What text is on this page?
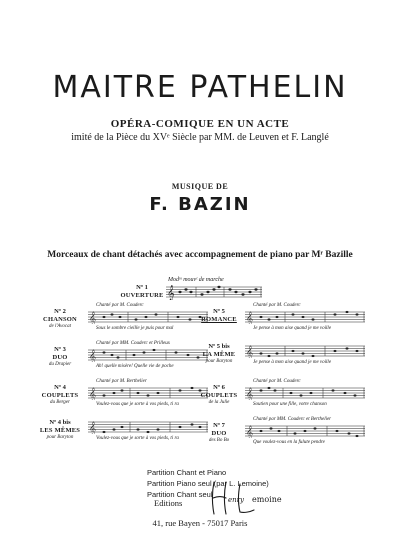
MAITRE PATHELIN
OPÉRA-COMIQUE EN UN ACTE
imité de la Pièce du XVᵉ Siècle par MM. de Leuven et F. Langlé
MUSIQUE DE
F. BAZIN
Morceaux de chant détachés avec accompagnement de piano par Mʳ Bazille
Modᵗᵒ mouvᵗ de marche
Nº 1
OUVERTURE 𝄞
Nº 2
CHANSON
de l'Avocat
Chanté par M. Couderc
𝄞
Sous le sombre cieille je puis pour mal
Nº 3
DUO
du Drapier
Chanté par MM. Couderc et Prilleux
𝄞
Ah! quelle misère! Quelle vie de poche
Nº 4
COUPLETS
du Berger
Chanté par M. Berthelier
𝄞
Voulez-vous que je sorte à vos pieds, ti ra
Nº 4 bis
LES MÊMES
pour Baryton
𝄞
Voulez-vous que je sorte à vos pieds, ti ra
Nº 5
ROMANCE
Chanté par M. Couderc
𝄞
Je pense à mon aise quand je me voille
Nº 5 bis
LA MÊME
pour Baryton
𝄞
Je pense à mon aise quand je me voille
Nº 6
COUPLETS
de la Julie
Chanté par M. Couderc
𝄞
Soutien pour une fille, votre chanson
Nº 7
DUO
des Bo Bo
Chanté par MM. Couderc et Berthelier
𝄞
Que voulez-vous en la fulute pendre
Partition Chant et Piano
Partition Piano seul (par L. Lemoine)
Partition Chant seul
Editions	enry emoine
41, rue Bayen - 75017 Paris
